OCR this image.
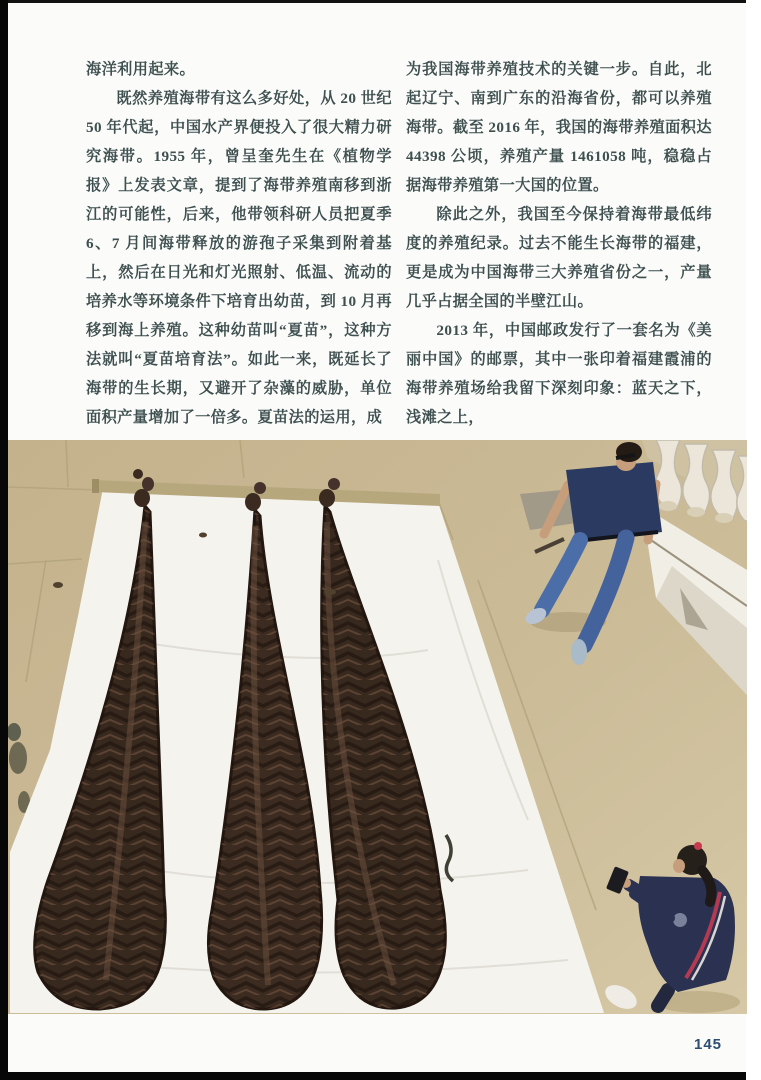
海洋利用起来。

既然养殖海带有这么多好处，从 20 世纪 50 年代起，中国水产界便投入了很大精力研究海带。1955 年，曾呈奎先生在《植物学报》上发表文章，提到了海带养殖南移到浙江的可能性，后来，他带领科研人员把夏季 6、7 月间海带释放的游孢子采集到附着基上，然后在日光和灯光照射、低温、流动的培养水等环境条件下培育出幼苗，到 10 月再移到海上养殖。这种幼苗叫“夏苗”，这种方法就叫“夏苗培育法”。如此一来，既延长了海带的生长期，又避开了杂藻的威胁，单位面积产量增加了一倍多。夏苗法的运用，成

为我国海带养殖技术的关键一步。自此，北起辽宁、南到广东的沿海省份，都可以养殖海带。截至 2016 年，我国的海带养殖面积达 44398 公顷，养殖产量 1461058 吨，稳稳占据海带养殖第一大国的位置。

除此之外，我国至今保持着海带最低纬度的养殖纪录。过去不能生长海带的福建，更是成为中国海带三大养殖省份之一，产量几乎占据全国的半壁江山。

2013 年，中国邮政发行了一套名为《美丽中国》的邮票，其中一张印着福建霞浦的海带养殖场给我留下深刻印象：蓝天之下，浅滩之上，

145
